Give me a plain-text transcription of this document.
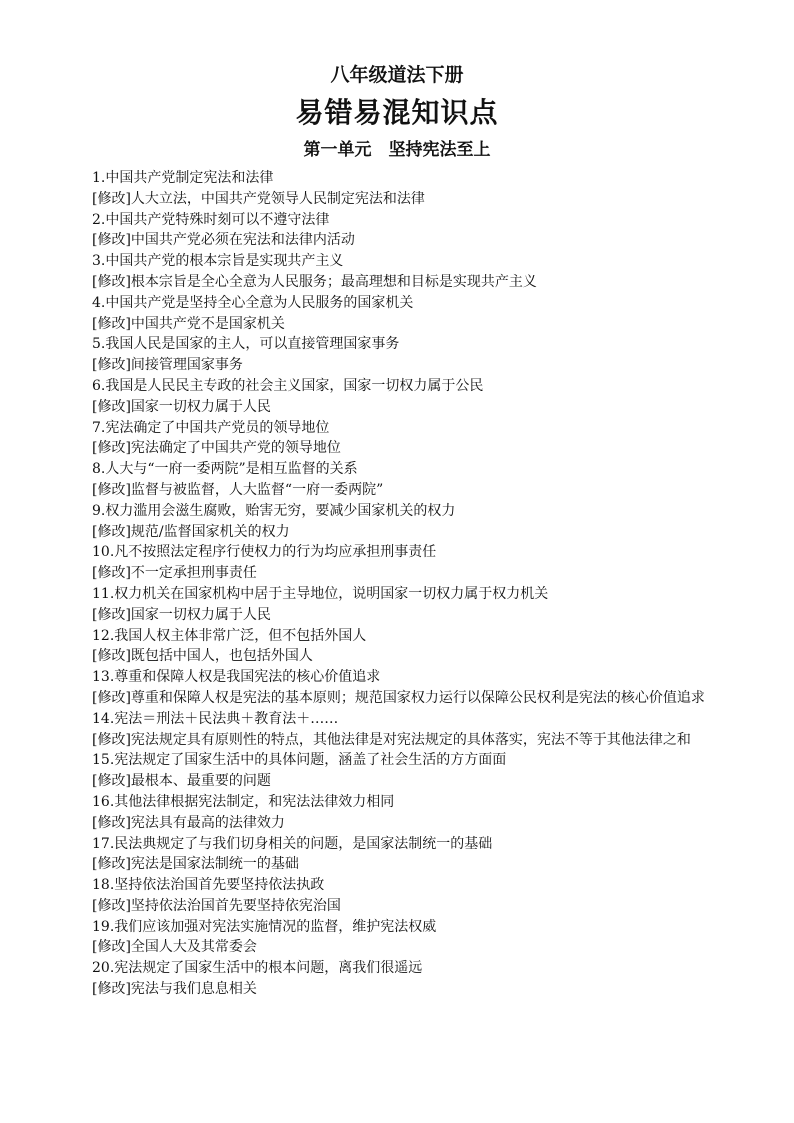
八年级道法下册
易错易混知识点
第一单元　坚持宪法至上
1.中国共产党制定宪法和法律
[修改]人大立法，中国共产党领导人民制定宪法和法律
2.中国共产党特殊时刻可以不遵守法律
[修改]中国共产党必须在宪法和法律内活动
3.中国共产党的根本宗旨是实现共产主义
[修改]根本宗旨是全心全意为人民服务；最高理想和目标是实现共产主义
4.中国共产党是坚持全心全意为人民服务的国家机关
[修改]中国共产党不是国家机关
5.我国人民是国家的主人，可以直接管理国家事务
[修改]间接管理国家事务
6.我国是人民民主专政的社会主义国家，国家一切权力属于公民
[修改]国家一切权力属于人民
7.宪法确定了中国共产党员的领导地位
[修改]宪法确定了中国共产党的领导地位
8.人大与“一府一委两院”是相互监督的关系
[修改]监督与被监督，人大监督“一府一委两院”
9.权力滥用会滋生腐败，贻害无穷，要减少国家机关的权力
[修改]规范/监督国家机关的权力
10.凡不按照法定程序行使权力的行为均应承担刑事责任
[修改]不一定承担刑事责任
11.权力机关在国家机构中居于主导地位，说明国家一切权力属于权力机关
[修改]国家一切权力属于人民
12.我国人权主体非常广泛，但不包括外国人
[修改]既包括中国人，也包括外国人
13.尊重和保障人权是我国宪法的核心价值追求
[修改]尊重和保障人权是宪法的基本原则；规范国家权力运行以保障公民权利是宪法的核心价值追求
14.宪法＝刑法＋民法典＋教育法＋……
[修改]宪法规定具有原则性的特点，其他法律是对宪法规定的具体落实，宪法不等于其他法律之和
15.宪法规定了国家生活中的具体问题，涵盖了社会生活的方方面面
[修改]最根本、最重要的问题
16.其他法律根据宪法制定，和宪法法律效力相同
[修改]宪法具有最高的法律效力
17.民法典规定了与我们切身相关的问题，是国家法制统一的基础
[修改]宪法是国家法制统一的基础
18.坚持依法治国首先要坚持依法执政
[修改]坚持依法治国首先要坚持依宪治国
19.我们应该加强对宪法实施情况的监督，维护宪法权威
[修改]全国人大及其常委会
20.宪法规定了国家生活中的根本问题，离我们很遥远
[修改]宪法与我们息息相关
